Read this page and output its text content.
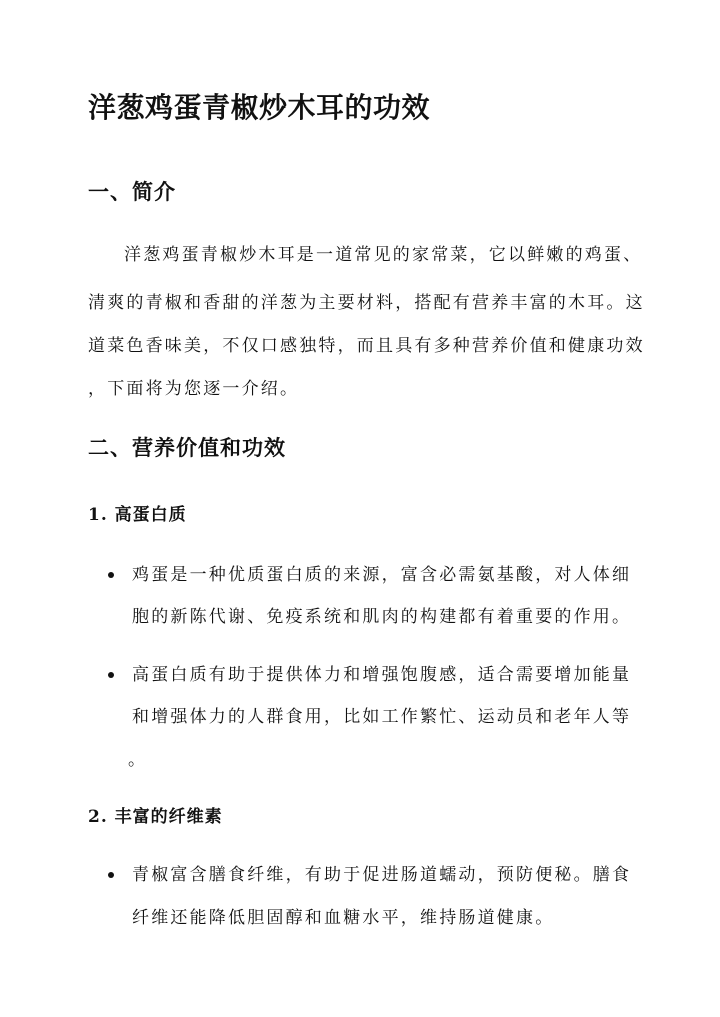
洋葱鸡蛋青椒炒木耳的功效
一、简介
洋葱鸡蛋青椒炒木耳是一道常见的家常菜，它以鲜嫩的鸡蛋、
清爽的青椒和香甜的洋葱为主要材料，搭配有营养丰富的木耳。这
道菜色香味美，不仅口感独特，而且具有多种营养价值和健康功效
，下面将为您逐一介绍。
二、营养价值和功效
1. 高蛋白质
鸡蛋是一种优质蛋白质的来源，富含必需氨基酸，对人体细
胞的新陈代谢、免疫系统和肌肉的构建都有着重要的作用。
高蛋白质有助于提供体力和增强饱腹感，适合需要增加能量
和增强体力的人群食用，比如工作繁忙、运动员和老年人等
。
2. 丰富的纤维素
青椒富含膳食纤维，有助于促进肠道蠕动，预防便秘。膳食
纤维还能降低胆固醇和血糖水平，维持肠道健康。
